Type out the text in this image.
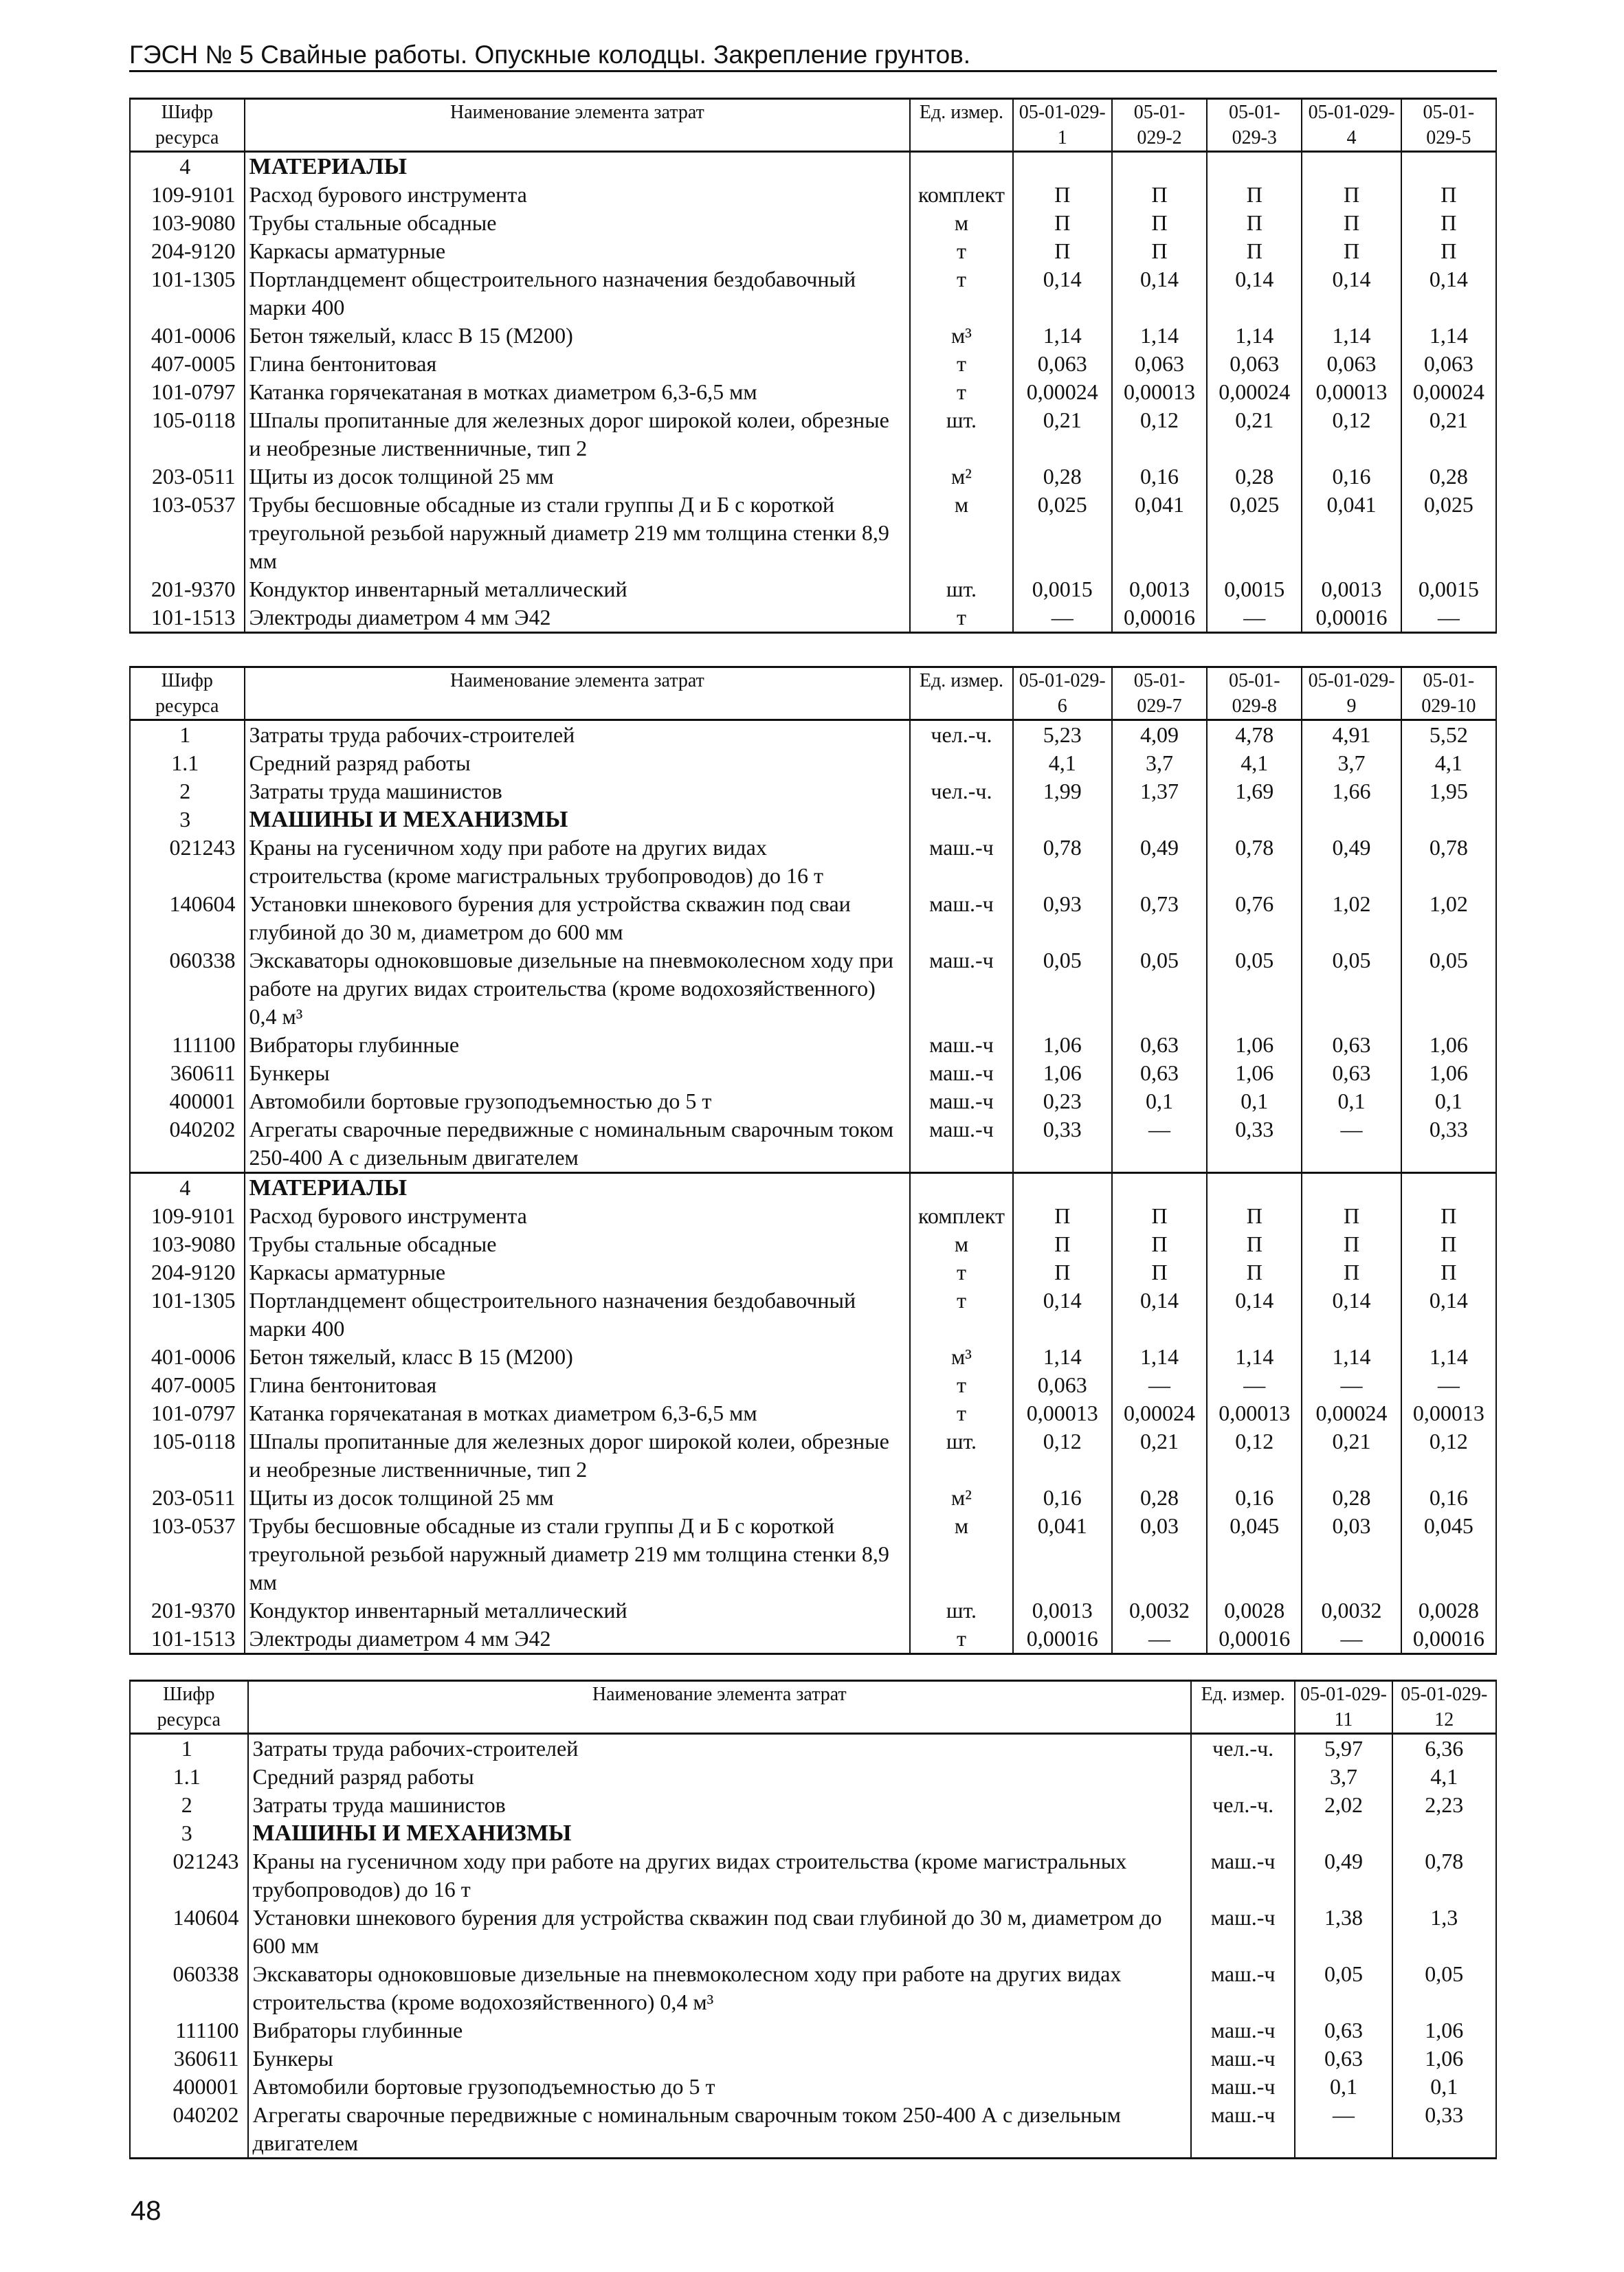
ГЭСН № 5 Свайные работы. Опускные колодцы. Закрепление грунтов.
Шифр ресурса	Наименование элемента затрат	Ед. измер.	05-01-029-1	05-01-029-2	05-01-029-3	05-01-029-4	05-01-029-5
4	МАТЕРИАЛЫ						
109-9101	Расход бурового инструмента	комплект	П	П	П	П	П
103-9080	Трубы стальные обсадные	м	П	П	П	П	П
204-9120	Каркасы арматурные	т	П	П	П	П	П
101-1305	Портландцемент общестроительного назначения бездобавочный марки 400	т	0,14	0,14	0,14	0,14	0,14
401-0006	Бетон тяжелый, класс В 15 (М200)	м³	1,14	1,14	1,14	1,14	1,14
407-0005	Глина бентонитовая	т	0,063	0,063	0,063	0,063	0,063
101-0797	Катанка горячекатаная в мотках диаметром 6,3-6,5 мм	т	0,00024	0,00013	0,00024	0,00013	0,00024
105-0118	Шпалы пропитанные для железных дорог широкой колеи, обрезные и необрезные лиственничные, тип 2	шт.	0,21	0,12	0,21	0,12	0,21
203-0511	Щиты из досок толщиной 25 мм	м²	0,28	0,16	0,28	0,16	0,28
103-0537	Трубы бесшовные обсадные из стали группы Д и Б с короткой треугольной резьбой наружный диаметр 219 мм толщина стенки 8,9 мм	м	0,025	0,041	0,025	0,041	0,025
201-9370	Кондуктор инвентарный металлический	шт.	0,0015	0,0013	0,0015	0,0013	0,0015
101-1513	Электроды диаметром 4 мм Э42	т	—	0,00016	—	0,00016	—
Шифр ресурса	Наименование элемента затрат	Ед. измер.	05-01-029-6	05-01-029-7	05-01-029-8	05-01-029-9	05-01-029-10
1	Затраты труда рабочих-строителей	чел.-ч.	5,23	4,09	4,78	4,91	5,52
1.1	Средний разряд работы		4,1	3,7	4,1	3,7	4,1
2	Затраты труда машинистов	чел.-ч.	1,99	1,37	1,69	1,66	1,95
3	МАШИНЫ И МЕХАНИЗМЫ						
021243	Краны на гусеничном ходу при работе на других видах строительства (кроме магистральных трубопроводов) до 16 т	маш.-ч	0,78	0,49	0,78	0,49	0,78
140604	Установки шнекового бурения для устройства скважин под сваи глубиной до 30 м, диаметром до 600 мм	маш.-ч	0,93	0,73	0,76	1,02	1,02
060338	Экскаваторы одноковшовые дизельные на пневмоколесном ходу при работе на других видах строительства (кроме водохозяйственного) 0,4 м³	маш.-ч	0,05	0,05	0,05	0,05	0,05
111100	Вибраторы глубинные	маш.-ч	1,06	0,63	1,06	0,63	1,06
360611	Бункеры	маш.-ч	1,06	0,63	1,06	0,63	1,06
400001	Автомобили бортовые грузоподъемностью до 5 т	маш.-ч	0,23	0,1	0,1	0,1	0,1
040202	Агрегаты сварочные передвижные с номинальным сварочным током 250-400 А с дизельным двигателем	маш.-ч	0,33	—	0,33	—	0,33
4	МАТЕРИАЛЫ						
109-9101	Расход бурового инструмента	комплект	П	П	П	П	П
103-9080	Трубы стальные обсадные	м	П	П	П	П	П
204-9120	Каркасы арматурные	т	П	П	П	П	П
101-1305	Портландцемент общестроительного назначения бездобавочный марки 400	т	0,14	0,14	0,14	0,14	0,14
401-0006	Бетон тяжелый, класс В 15 (М200)	м³	1,14	1,14	1,14	1,14	1,14
407-0005	Глина бентонитовая	т	0,063	—	—	—	—
101-0797	Катанка горячекатаная в мотках диаметром 6,3-6,5 мм	т	0,00013	0,00024	0,00013	0,00024	0,00013
105-0118	Шпалы пропитанные для железных дорог широкой колеи, обрезные и необрезные лиственничные, тип 2	шт.	0,12	0,21	0,12	0,21	0,12
203-0511	Щиты из досок толщиной 25 мм	м²	0,16	0,28	0,16	0,28	0,16
103-0537	Трубы бесшовные обсадные из стали группы Д и Б с короткой треугольной резьбой наружный диаметр 219 мм толщина стенки 8,9 мм	м	0,041	0,03	0,045	0,03	0,045
201-9370	Кондуктор инвентарный металлический	шт.	0,0013	0,0032	0,0028	0,0032	0,0028
101-1513	Электроды диаметром 4 мм Э42	т	0,00016	—	0,00016	—	0,00016
Шифр ресурса	Наименование элемента затрат	Ед. измер.	05-01-029-11	05-01-029-12
1	Затраты труда рабочих-строителей	чел.-ч.	5,97	6,36
1.1	Средний разряд работы		3,7	4,1
2	Затраты труда машинистов	чел.-ч.	2,02	2,23
3	МАШИНЫ И МЕХАНИЗМЫ			
021243	Краны на гусеничном ходу при работе на других видах строительства (кроме магистральных трубопроводов) до 16 т	маш.-ч	0,49	0,78
140604	Установки шнекового бурения для устройства скважин под сваи глубиной до 30 м, диаметром до 600 мм	маш.-ч	1,38	1,3
060338	Экскаваторы одноковшовые дизельные на пневмоколесном ходу при работе на других видах строительства (кроме водохозяйственного) 0,4 м³	маш.-ч	0,05	0,05
111100	Вибраторы глубинные	маш.-ч	0,63	1,06
360611	Бункеры	маш.-ч	0,63	1,06
400001	Автомобили бортовые грузоподъемностью до 5 т	маш.-ч	0,1	0,1
040202	Агрегаты сварочные передвижные с номинальным сварочным током 250-400 А с дизельным двигателем	маш.-ч	—	0,33
48
